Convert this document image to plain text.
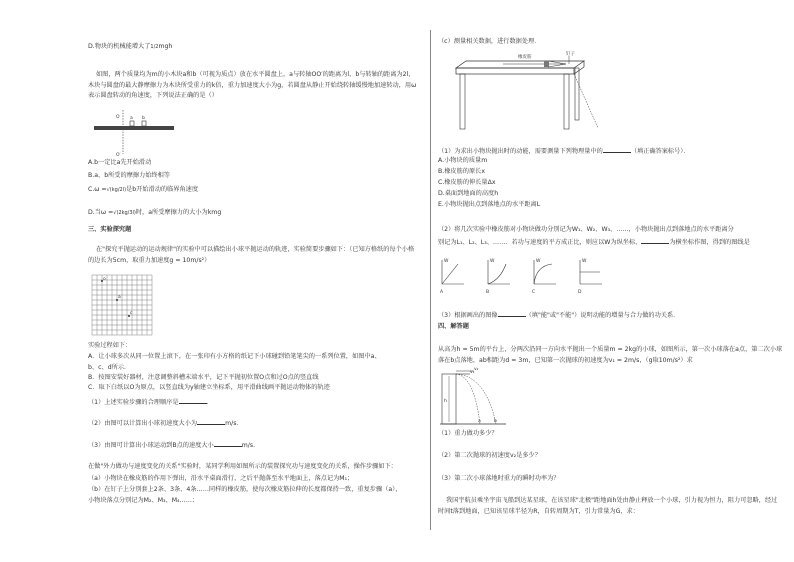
D.物块的机械能增大了1/2mgh
如图，两个质量均为m的小木块a和b（可视为质点）放在水平圆盘上，a与转轴OO′的距离为l，b与转轴的距离为2l，木块与圆盘的最大静摩擦力为木块所受重力的k倍，重力加速度大小为g，若圆盘从静止开始绕转轴缓慢地加速转动，用ω表示圆盘转动的角速度，下列说法正确的是（）
O
O′
a b
A.b一定比a先开始滑动
B.a、b所受的摩擦力始终相等
C.ω =√(kg/2l)是b开始滑动的临界角速度
D.当ω =√(2kg/3l)时，a所受摩擦力的大小为kmg
三、实验探究题
在"探究平抛运动的运动规律"的实验中可以描绘出小球平抛运动的轨迹，实验简要步骤如下：（已知方格纸的每个小格的边长为5cm，取重力加速度g = 10m/s²）
o
a
c
实验过程如下：
A．让小球多次从同一位置上滚下，在一张印有小方格的纸记下小球碰到铅笔笔尖的一系列位置，如图中a、
b、c、d所示．
B．按图安装好器材，注意调整斜槽末端水平，记下平抛初位置O点和过O点的竖直线
C．取下白纸以O为原点，以竖直线为y轴建立坐标系，用平滑曲线画平抛运动物体的轨迹
（1）上述实验步骤的合理顺序是	．
（2）由图可以计算出小球初速度大小为	m/s．
（3）由图可计算出小球运动到B点的速度大小	m/s．
在做"外力做功与速度变化的关系"实验时，某同学利用如图所示的装置探究功与速度变化的关系，操作步骤如下：
（a）小物块在橡皮筋的作用下弹出，沿水平桌面滑行，之后平抛落至水平地面上，落点记为M₁；
（b）在钉子上分别套上2条、3条、4条……同样的橡皮筋，使每次橡皮筋拉伸的长度都保持一致，重复步骤（a），
小物块落点分别记为M₂、M₃、M₄……；
（c）测量相关数据，进行数据处理．
橡皮筋
钉子
（1）为求出小物块抛出时的动能，需要测量下列物理量中的	（填正确答案标号）．
A.小物块的质量m
B.橡皮筋的原长x
C.橡皮筋的伸长量Δx
D.桌面到地面的高度h
E.小物块抛出点到落地点的水平距离L
（2）将几次实验中橡皮筋对小物块做功分别记为W₁、W₂、W₃、……，小物块抛出点到落地点的水平距离分
别记为L₁、L₂、L₃、……．若功与速度的平方成正比，则应以W为纵坐标、	为横坐标作图，得到的图线是
W
A
W
B
W
C
W
D
（3）根据画出的图像	（填"能"或"不能"）说明动能的增量与合力做的功关系．
四、解答题
从高为h = 5m的平台上，分两次沿同一方向水平抛出一个质量m = 2kg的小球，如图所示，第一次小球落在a点，第二次小球落在b点落地，ab相距为d = 3m，已知第一次抛球的初速度为v₁ = 2m/s，（g取10m/s²）求
v₁
v₂
h
a	b
（1）重力做功多少？
（2）第二次抛球的初速度v₂是多少？
（3）第二次小球落地时重力的瞬时功率为？
我国宇航员乘坐宇宙飞船到达某星球，在该星球"北极"距地面h处由静止释放一个小球，引力视为恒力，阻力可忽略，经过时间t落到地面，已知该星球半径为R，自转周期为T，引力常量为G，求：
